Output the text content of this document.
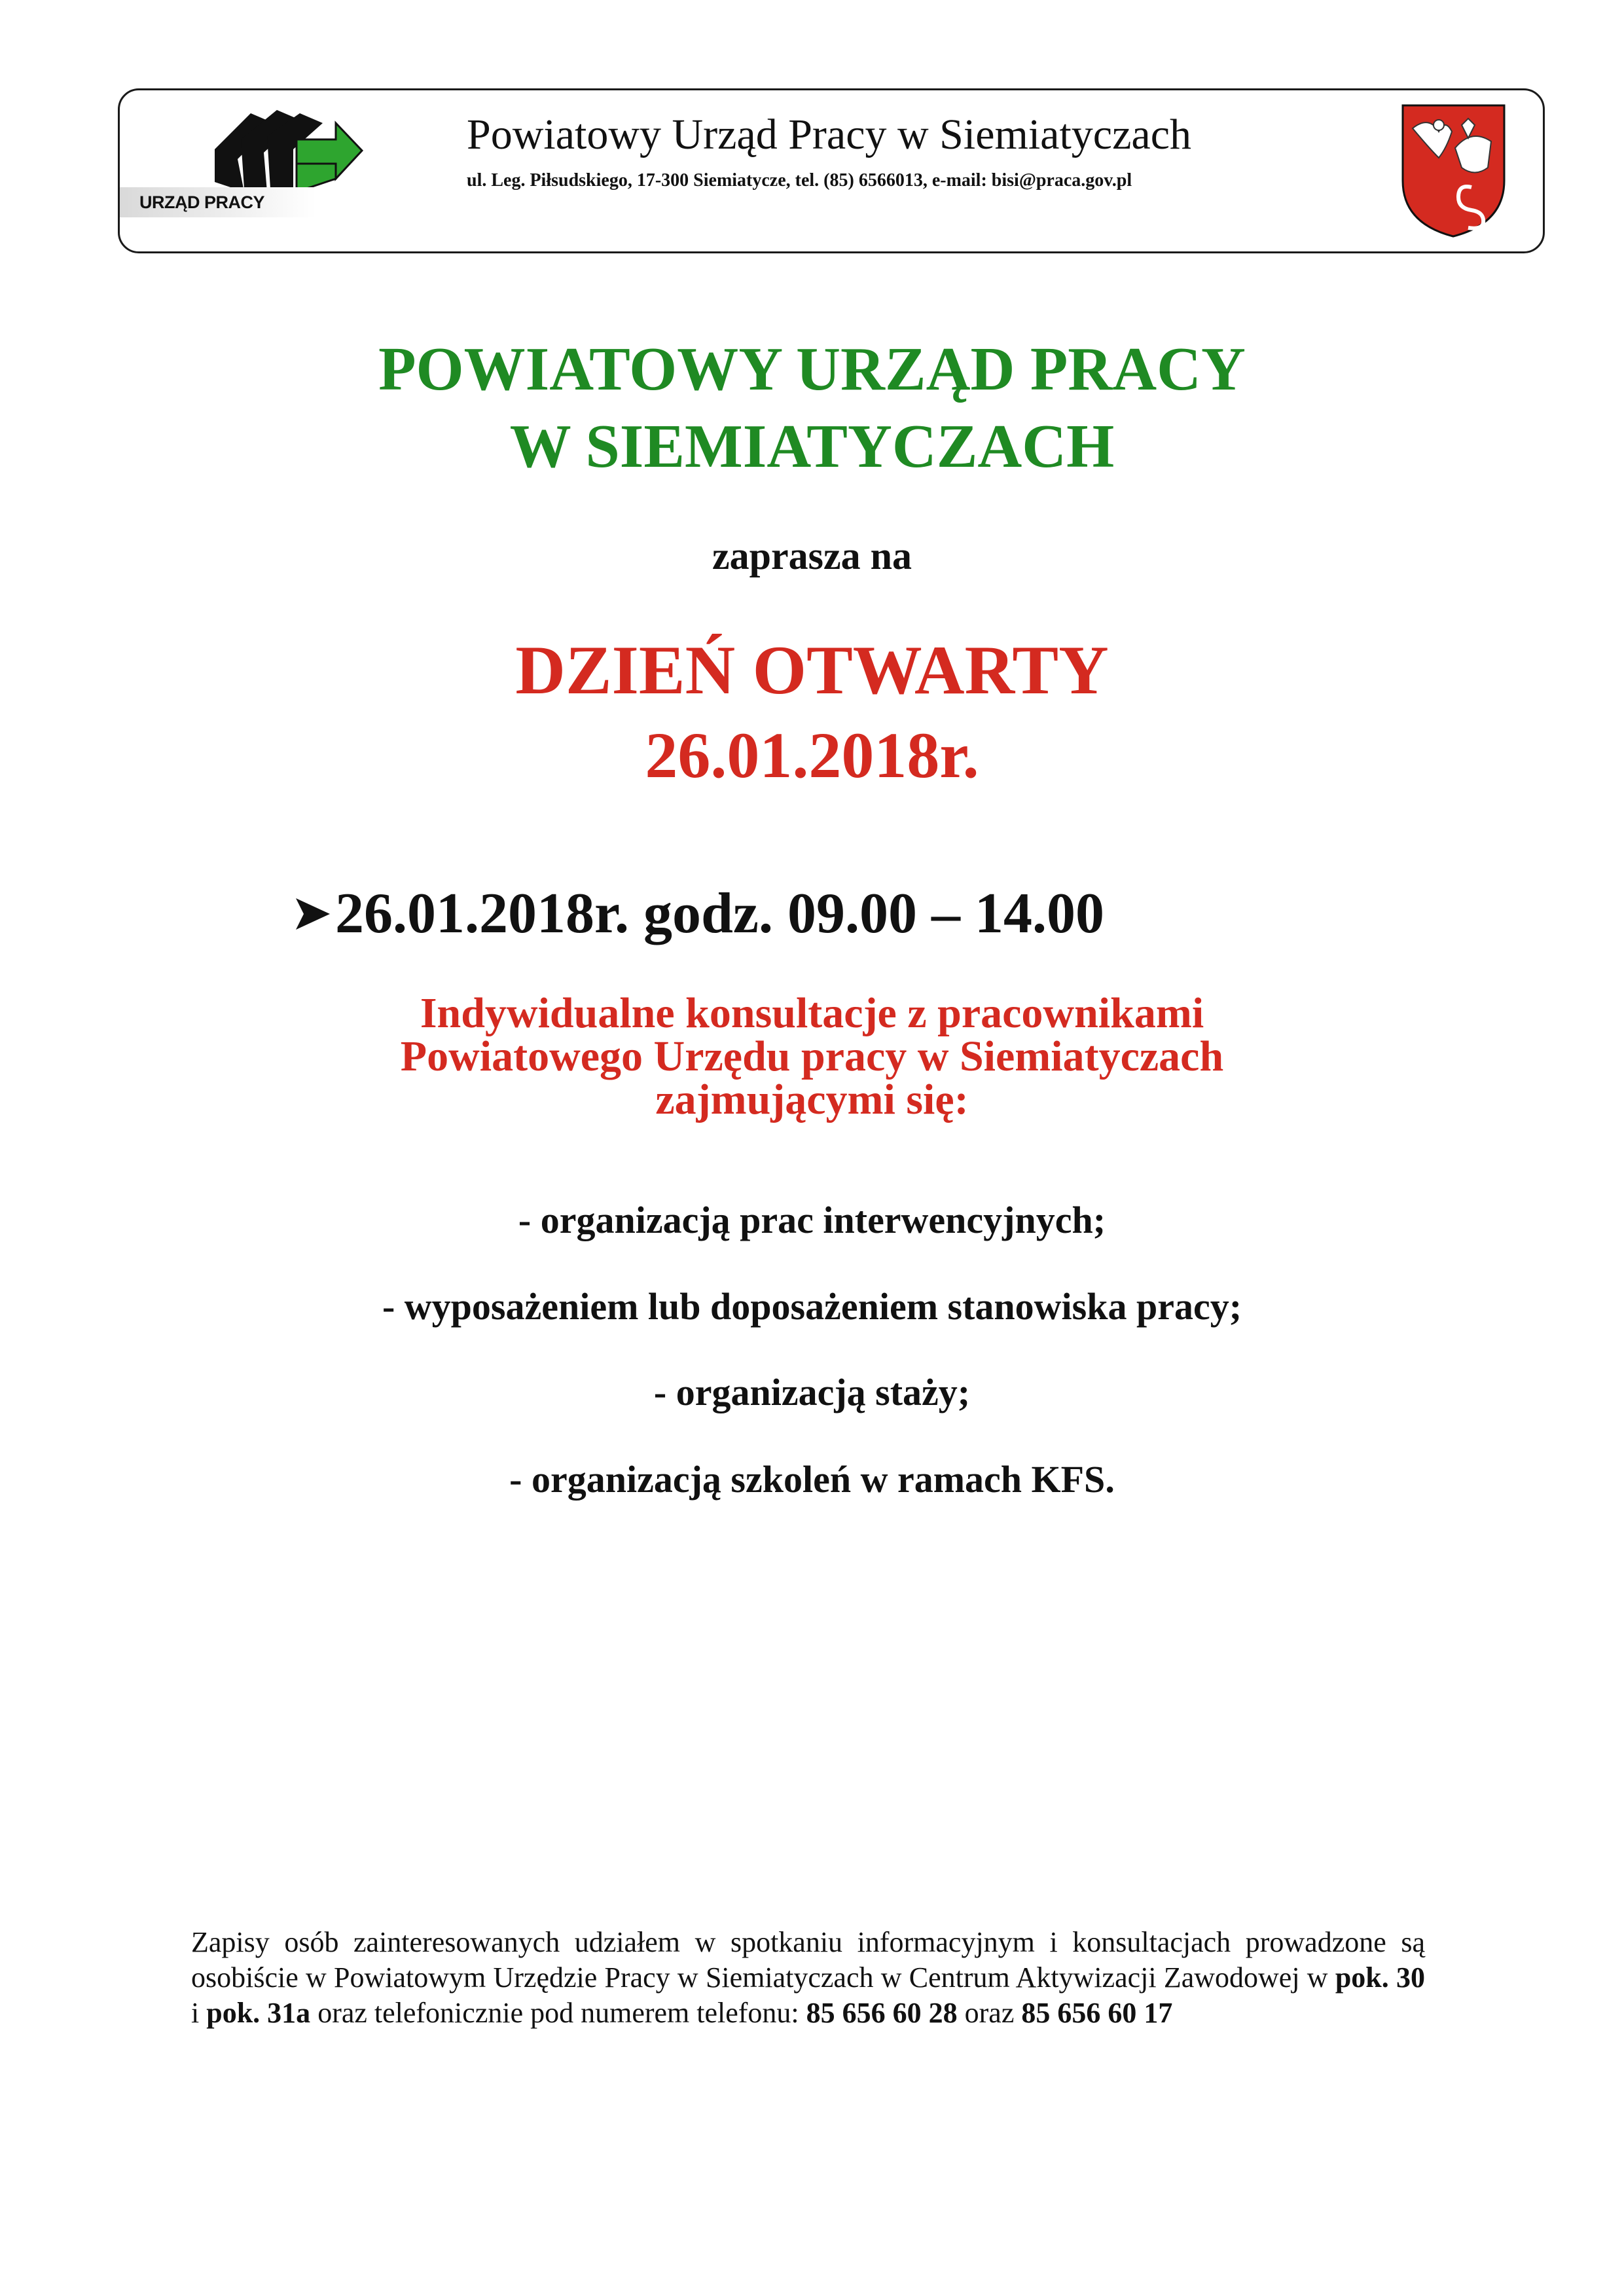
URZĄD PRACY
Powiatowy Urząd Pracy w Siemiatyczach
ul. Leg. Piłsudskiego, 17-300 Siemiatycze, tel. (85) 6566013, e-mail: bisi@praca.gov.pl
POWIATOWY URZĄD PRACY
W SIEMIATYCZACH
zaprasza na
DZIEŃ OTWARTY
26.01.2018r.
26.01.2018r. godz. 09.00 – 14.00
Indywidualne konsultacje z pracownikami
Powiatowego Urzędu pracy w Siemiatyczach
zajmującymi się:
- organizacją prac interwencyjnych;
- wyposażeniem lub doposażeniem stanowiska pracy;
- organizacją staży;
- organizacją szkoleń w ramach KFS.
Zapisy osób zainteresowanych udziałem w spotkaniu informacyjnym i konsultacjach prowadzone są osobiście w Powiatowym Urzędzie Pracy w Siemiatyczach w Centrum Aktywizacji Zawodowej w pok. 30 i pok. 31a oraz telefonicznie pod numerem telefonu: 85 656 60 28 oraz 85 656 60 17
